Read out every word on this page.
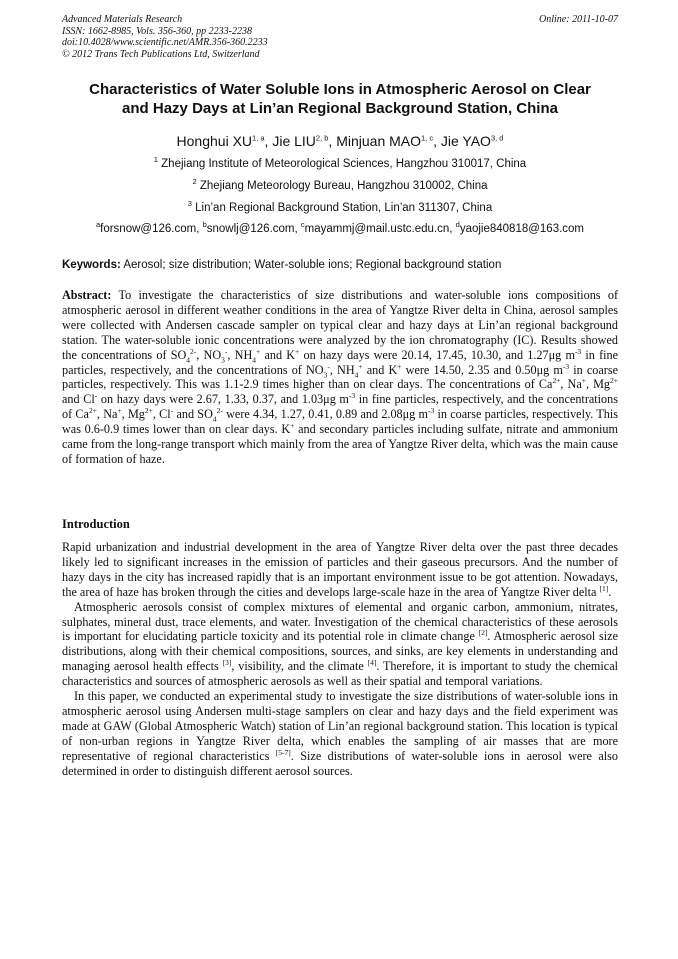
Advanced Materials Research	Online: 2011-10-07
ISSN: 1662-8985, Vols. 356-360, pp 2233-2238
doi:10.4028/www.scientific.net/AMR.356-360.2233
© 2012 Trans Tech Publications Ltd, Switzerland
Characteristics of Water Soluble Ions in Atmospheric Aerosol on Clear
and Hazy Days at Lin’an Regional Background Station, China
Honghui XU$^{1, a}$, Jie LIU$^{2, b}$, Minjuan MAO$^{1, c}$, Jie YAO$^{3, d}$
$^1$ Zhejiang Institute of Meteorological Sciences, Hangzhou 310017, China
$^2$ Zhejiang Meteorology Bureau, Hangzhou 310002, China
$^3$ Lin’an Regional Background Station, Lin’an 311307, China
$^a$forsnow@126.com, $^b$snowlj@126.com, $^c$mayammj@mail.ustc.edu.cn, $^d$yaojie840818@163.com
Keywords: Aerosol; size distribution; Water-soluble ions; Regional background station

Abstract: To investigate the characteristics of size distributions and water-soluble ions compositions of atmospheric aerosol in different weather conditions in the area of Yangtze River delta in China, aerosol samples were collected with Andersen cascade sampler on typical clear and hazy days at Lin’an regional background station. The water-soluble ionic concentrations were analyzed by the ion chromatography (IC). Results showed the concentrations of $SO_4^{2-}$, $NO_3^-$, $NH_4^+$ and K+ on hazy days were 20.14, 17.45, 10.30, and 1.27μg $m^{-3}$ in fine particles, respectively, and the concentrations of $NO_3^-$, $NH_4^+$ and K+ were 14.50, 2.35 and 0.50μg $m^{-3}$ in coarse particles, respectively. This was 1.1-2.9 times higher than on clear days. The concentrations of $Ca^{2+}$, Na+, $Mg^{2+}$ and Cl- on hazy days were 2.67, 1.33, 0.37, and 1.03μg $m^{-3}$ in fine particles, respectively, and the concentrations of $Ca^{2+}$, Na+, $Mg^{2+}$, Cl- and $SO_4^{2-}$ were 4.34, 1.27, 0.41, 0.89 and 2.08μg $m^{-3}$ in coarse particles, respectively. This was 0.6-0.9 times lower than on clear days. K+ and secondary particles including sulfate, nitrate and ammonium came from the long-range transport which mainly from the area of Yangtze River delta, which was the main cause of formation of haze.

Introduction

Rapid urbanization and industrial development in the area of Yangtze River delta over the past three decades likely led to significant increases in the emission of particles and their gaseous precursors. And the number of hazy days in the city has increased rapidly that is an important environment issue to be got attention. Nowadays, the area of haze has broken through the cities and develops large-scale haze in the area of Yangtze River delta [1].

Atmospheric aerosols consist of complex mixtures of elemental and organic carbon, ammonium, nitrates, sulphates, mineral dust, trace elements, and water. Investigation of the chemical characteristics of these aerosols is important for elucidating particle toxicity and its potential role in climate change [2]. Atmospheric aerosol size distributions, along with their chemical compositions, sources, and sinks, are key elements in understanding and managing aerosol health effects [3], visibility, and the climate [4]. Therefore, it is important to study the chemical characteristics and sources of atmospheric aerosols as well as their spatial and temporal variations.

In this paper, we conducted an experimental study to investigate the size distributions of water-soluble ions in atmospheric aerosol using Andersen multi-stage samplers on clear and hazy days and the field experiment was made at GAW (Global Atmospheric Watch) station of Lin’an regional background station. This location is typical of non-urban regions in Yangtze River delta, which enables the sampling of air masses that are more representative of regional characteristics [5-7]. Size distributions of water-soluble ions in aerosol were also determined in order to distinguish different aerosol sources.
